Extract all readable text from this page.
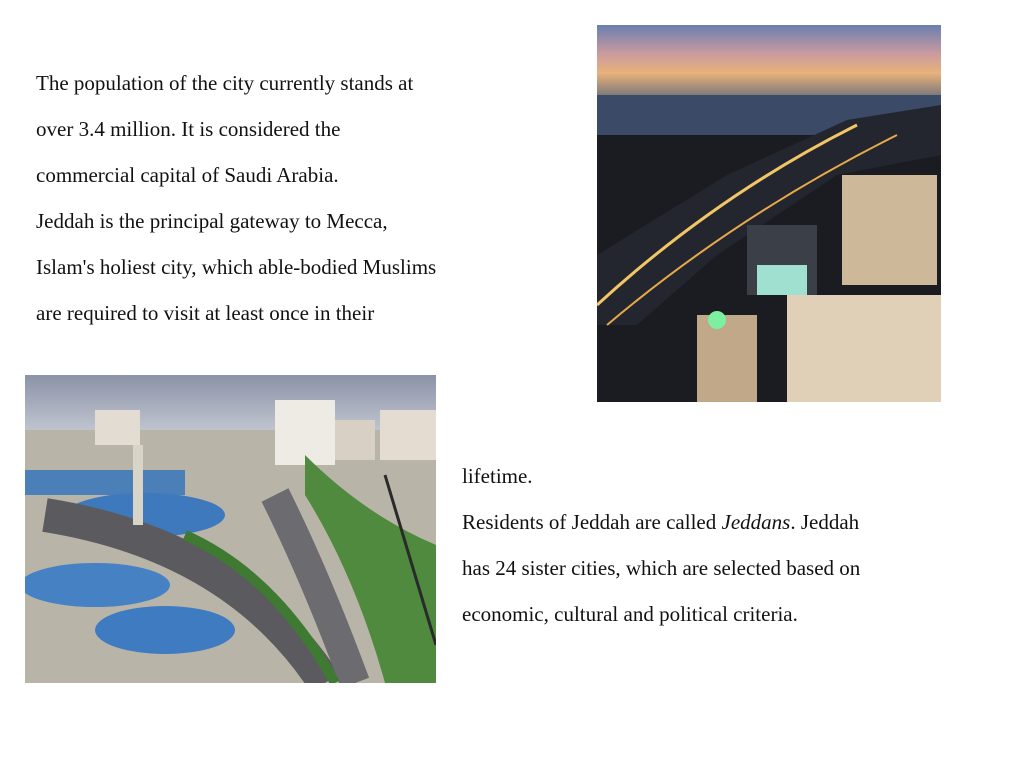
The population of the city currently stands at

over 3.4 million. It is considered the

commercial capital of Saudi Arabia.

Jeddah is the principal gateway to Mecca,

Islam's holiest city, which able-bodied Muslims

are required to visit at least once in their

lifetime.

Residents of Jeddah are called Jeddans. Jeddah

has 24 sister cities, which are selected based on

economic, cultural and political criteria.
